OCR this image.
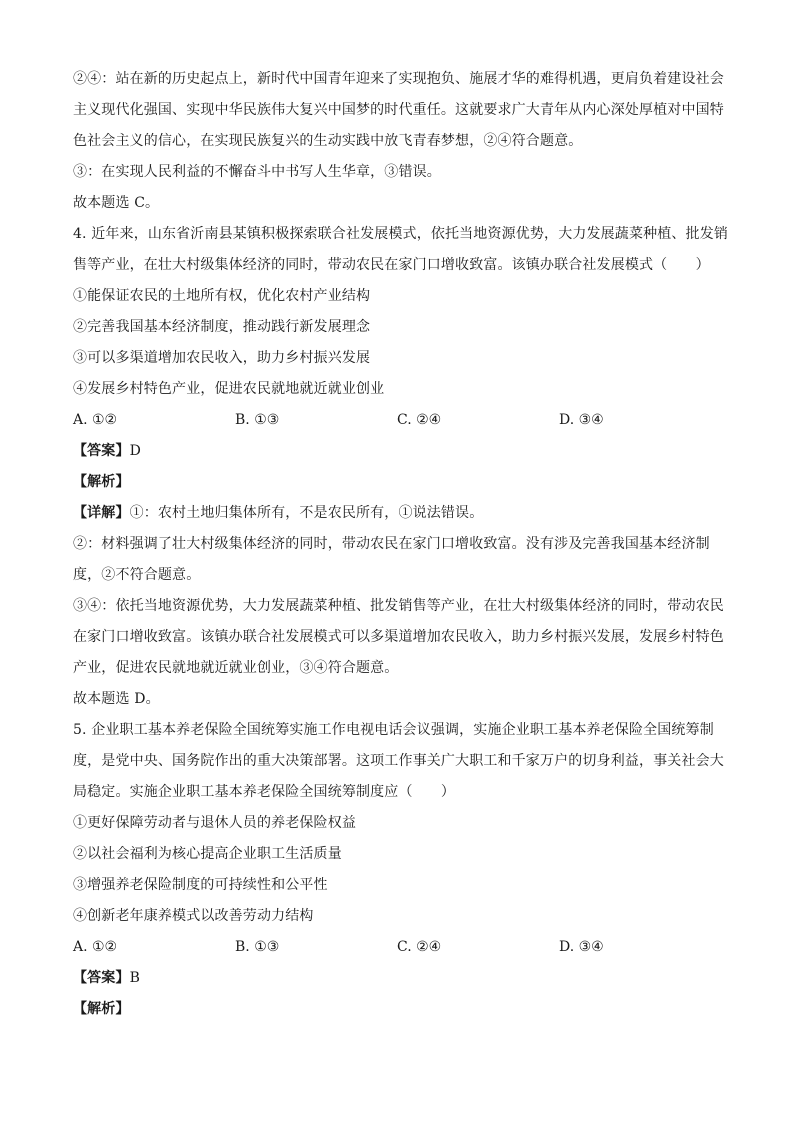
②④：站在新的历史起点上，新时代中国青年迎来了实现抱负、施展才华的难得机遇，更肩负着建设社会
主义现代化强国、实现中华民族伟大复兴中国梦的时代重任。这就要求广大青年从内心深处厚植对中国特
色社会主义的信心，在实现民族复兴的生动实践中放飞青春梦想，②④符合题意。
③：在实现人民利益的不懈奋斗中书写人生华章，③错误。
故本题选 C。
4. 近年来，山东省沂南县某镇积极探索联合社发展模式，依托当地资源优势，大力发展蔬菜种植、批发销
售等产业，在壮大村级集体经济的同时，带动农民在家门口增收致富。该镇办联合社发展模式（　　）
①能保证农民的土地所有权，优化农村产业结构
②完善我国基本经济制度，推动践行新发展理念
③可以多渠道增加农民收入，助力乡村振兴发展
④发展乡村特色产业，促进农民就地就近就业创业
A. ①②	B. ①③	C. ②④	D. ③④
【答案】D
【解析】
【详解】①：农村土地归集体所有，不是农民所有，①说法错误。
②：材料强调了壮大村级集体经济的同时，带动农民在家门口增收致富。没有涉及完善我国基本经济制
度，②不符合题意。
③④：依托当地资源优势，大力发展蔬菜种植、批发销售等产业，在壮大村级集体经济的同时，带动农民
在家门口增收致富。该镇办联合社发展模式可以多渠道增加农民收入，助力乡村振兴发展，发展乡村特色
产业，促进农民就地就近就业创业，③④符合题意。
故本题选 D。
5. 企业职工基本养老保险全国统筹实施工作电视电话会议强调，实施企业职工基本养老保险全国统筹制
度，是党中央、国务院作出的重大决策部署。这项工作事关广大职工和千家万户的切身利益，事关社会大
局稳定。实施企业职工基本养老保险全国统筹制度应（　　）
①更好保障劳动者与退休人员的养老保险权益
②以社会福利为核心提高企业职工生活质量
③增强养老保险制度的可持续性和公平性
④创新老年康养模式以改善劳动力结构
A. ①②	B. ①③	C. ②④	D. ③④
【答案】B
【解析】
